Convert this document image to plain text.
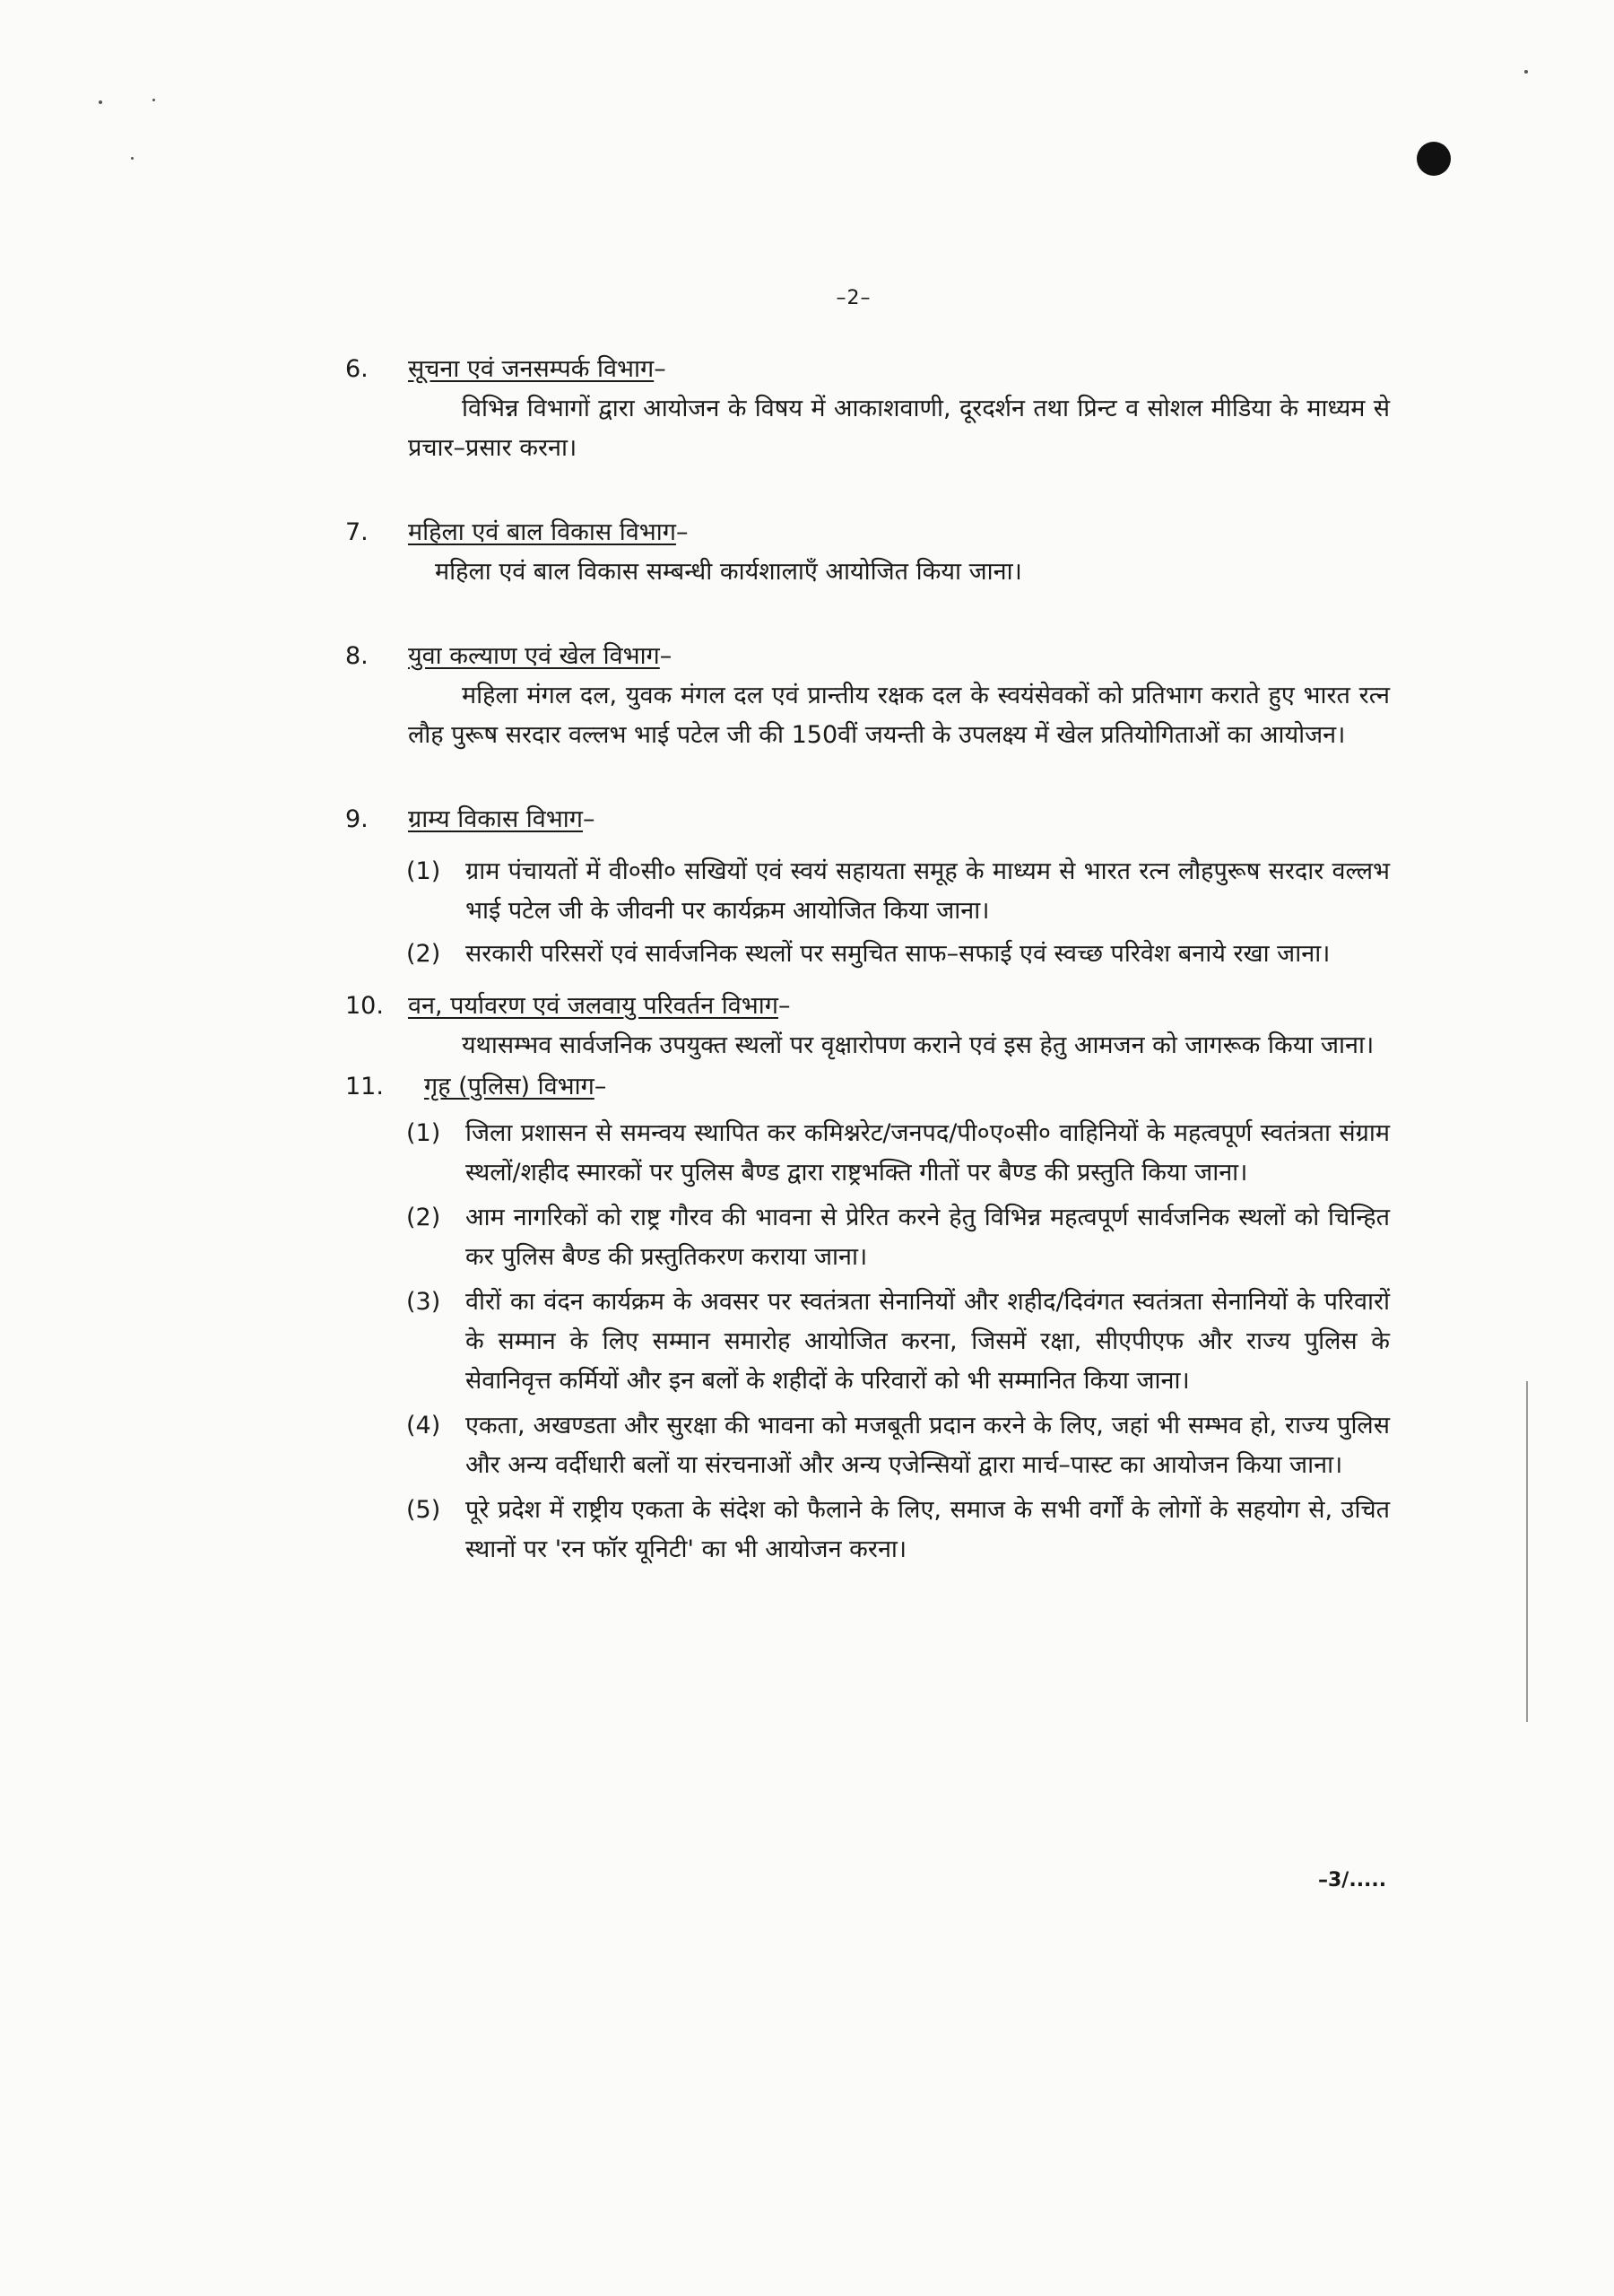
–2–
6.	सूचना एवं जनसम्पर्क विभाग–
विभिन्न विभागों द्वारा आयोजन के विषय में आकाशवाणी, दूरदर्शन तथा प्रिन्ट व सोशल मीडिया के माध्यम से प्रचार–प्रसार करना।
7.	महिला एवं बाल विकास विभाग–
महिला एवं बाल विकास सम्बन्धी कार्यशालाएँ आयोजित किया जाना।
8.	युवा कल्याण एवं खेल विभाग–
महिला मंगल दल, युवक मंगल दल एवं प्रान्तीय रक्षक दल के स्वयंसेवकों को प्रतिभाग कराते हुए भारत रत्न लौह पुरूष सरदार वल्लभ भाई पटेल जी की 150वीं जयन्ती के उपलक्ष्य में खेल प्रतियोगिताओं का आयोजन।
9.	ग्राम्य विकास विभाग–
(1) ग्राम पंचायतों में वी०सी० सखियों एवं स्वयं सहायता समूह के माध्यम से भारत रत्न लौहपुरूष सरदार वल्लभ भाई पटेल जी के जीवनी पर कार्यक्रम आयोजित किया जाना।
(2) सरकारी परिसरों एवं सार्वजनिक स्थलों पर समुचित साफ–सफाई एवं स्वच्छ परिवेश बनाये रखा जाना।
10.	वन, पर्यावरण एवं जलवायु परिवर्तन विभाग–
यथासम्भव सार्वजनिक उपयुक्त स्थलों पर वृक्षारोपण कराने एवं इस हेतु आमजन को जागरूक किया जाना।
11.	गृह (पुलिस) विभाग–
(1) जिला प्रशासन से समन्वय स्थापित कर कमिश्नरेट/जनपद/पी०ए०सी० वाहिनियों के महत्वपूर्ण स्वतंत्रता संग्राम स्थलों/शहीद स्मारकों पर पुलिस बैण्ड द्वारा राष्ट्रभक्ति गीतों पर बैण्ड की प्रस्तुति किया जाना।
(2) आम नागरिकों को राष्ट्र गौरव की भावना से प्रेरित करने हेतु विभिन्न महत्वपूर्ण सार्वजनिक स्थलों को चिन्हित कर पुलिस बैण्ड की प्रस्तुतिकरण कराया जाना।
(3) वीरों का वंदन कार्यक्रम के अवसर पर स्वतंत्रता सेनानियों और शहीद/दिवंगत स्वतंत्रता सेनानियों के परिवारों के सम्मान के लिए सम्मान समारोह आयोजित करना, जिसमें रक्षा, सीएपीएफ और राज्य पुलिस के सेवानिवृत्त कर्मियों और इन बलों के शहीदों के परिवारों को भी सम्मानित किया जाना।
(4) एकता, अखण्डता और सुरक्षा की भावना को मजबूती प्रदान करने के लिए, जहां भी सम्भव हो, राज्य पुलिस और अन्य वर्दीधारी बलों या संरचनाओं और अन्य एजेन्सियों द्वारा मार्च–पास्ट का आयोजन किया जाना।
(5) पूरे प्रदेश में राष्ट्रीय एकता के संदेश को फैलाने के लिए, समाज के सभी वर्गों के लोगों के सहयोग से, उचित स्थानों पर 'रन फॉर यूनिटी' का भी आयोजन करना।
–3/.....
